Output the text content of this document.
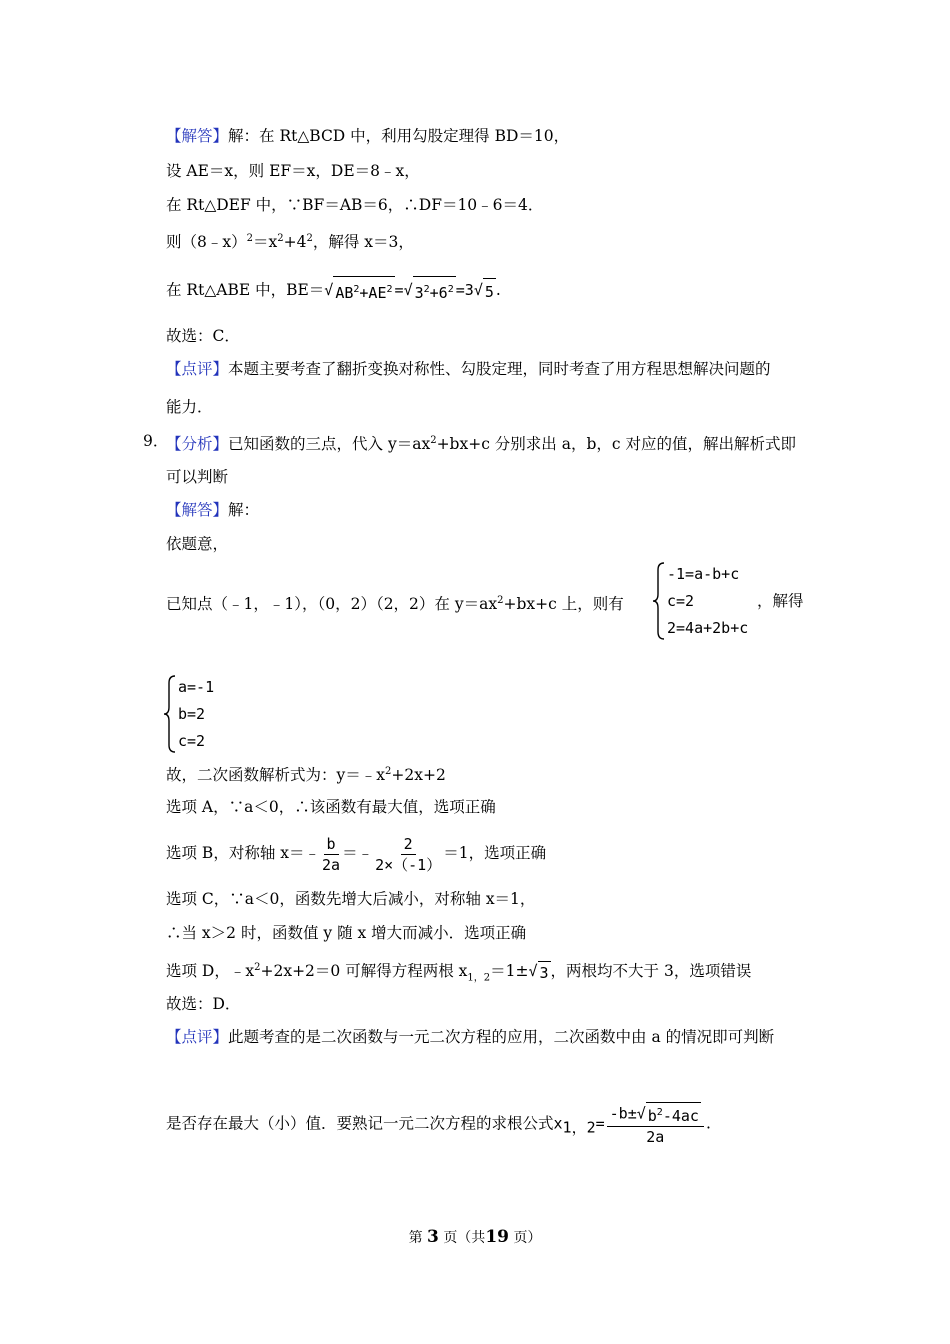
【解答】解：在 Rt△BCD 中，利用勾股定理得 BD＝10，
设 AE＝x，则 EF＝x，DE＝8﹣x，
在 Rt△DEF 中，∵BF＝AB＝6，∴DF＝10﹣6＝4．
则$(8﹣x)^2=x^2+4^2$，解得 x＝3，
在 Rt△ABE 中，BE＝√ $AB^2+AE^2$ =√ $3^2+6^2 =3√$ 5 .
故选：C．
【点评】本题主要考查了翻折变换对称性、勾股定理，同时考查了用方程思想解决问题的
能力．
9．
【分析】已知函数的三点，代入 $y=ax^2+bx+c$ 分别求出 a，b，c 对应的值，解出解析式即
可以判断
【解答】解：
依题意，
已知点（﹣1，﹣1），（0，2）（2，2）在 $y=ax^2+bx+c$ 上，则有
-1=a-b+c
c=2
2=4a+2b+c
，解得
a=-1
b=2
c=2
故，二次函数解析式为：$y=﹣x^2+2x+2$
选项 A，∵a＜0，∴该函数有最大值，选项正确
选项 B，对称轴 x＝﹣ $\frac{b}{2a}$ ＝﹣ $\frac{2}{2\times(-1)} =1$，选项正确
选项 C，∵a＜0，函数先增大后减小，对称轴 x＝1，
∴当 x＞2 时，函数值 y 随 x 增大而减小．选项正确
选项 D，$﹣x^2+2x+2=0$ 可解得方程两根 $x_{1,2}=1\pm√$ 3 ，两根均不大于 3，选项错误
故选：D．
【点评】此题考查的是二次函数与一元二次方程的应用，二次函数中由 a 的情况即可判断
是否存在最大（小）值．要熟记一元二次方程的求根公式$x_{1,2}= \frac{-b\pm√ b^2-4ac}{2a}$ .
第 3 页（共19 页）
